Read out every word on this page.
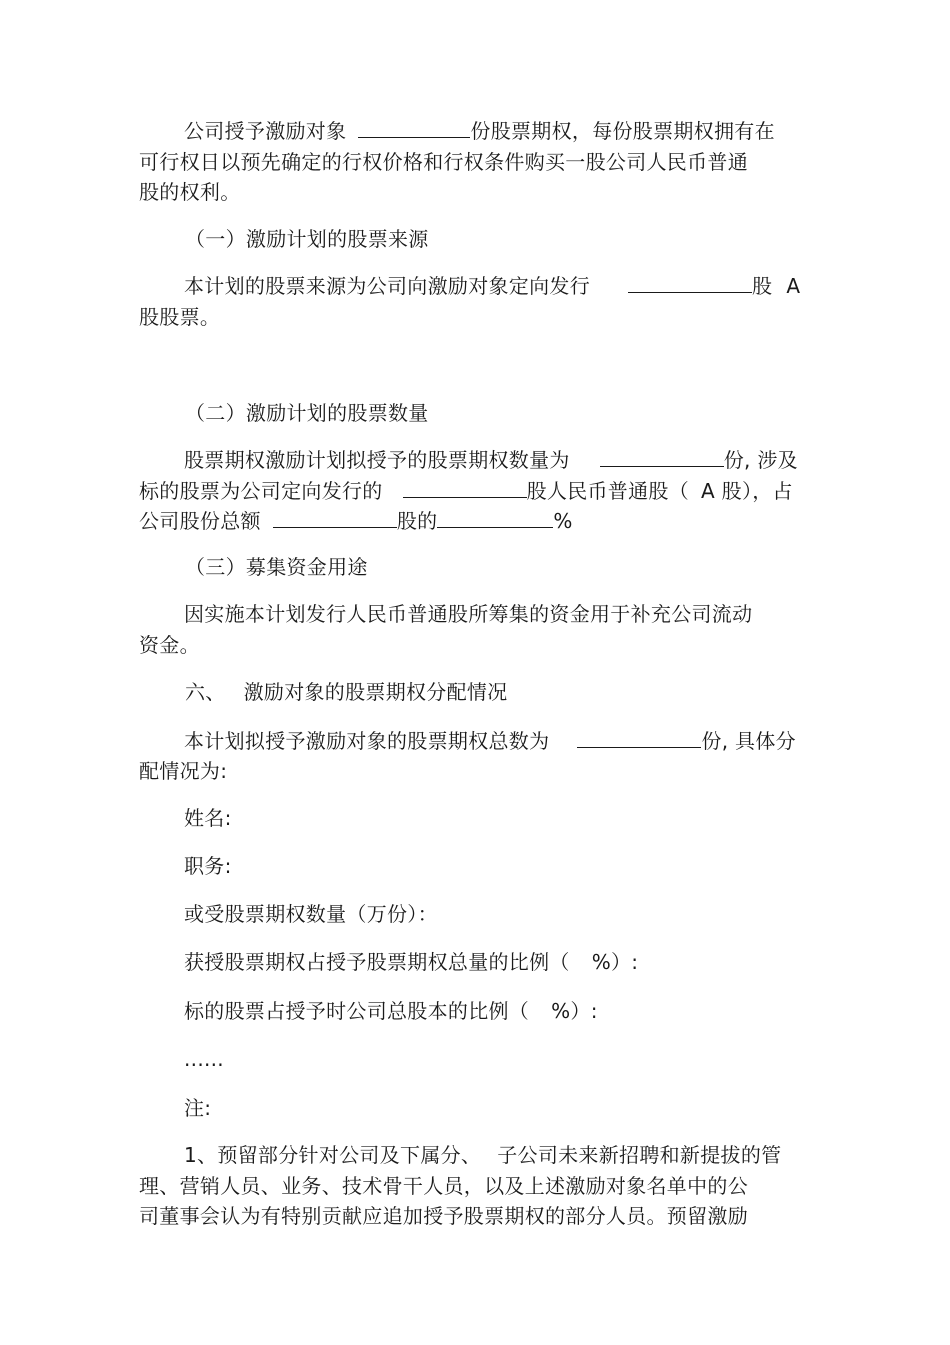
公司授予激励对象	份股票期权，每份股票期权拥有在
可行权日以预先确定的行权价格和行权条件购买一股公司人民币普通
股的权利。
（一）激励计划的股票来源
本计划的股票来源为公司向激励对象定向发行	股 A
股股票。
（二）激励计划的股票数量
股票期权激励计划拟授予的股票期权数量为	份, 涉及
标的股票为公司定向发行的	股人民币普通股（ A 股），占
公司股份总额	股的	%
（三）募集资金用途
因实施本计划发行人民币普通股所筹集的资金用于补充公司流动
资金。
六、 激励对象的股票期权分配情况
本计划拟授予激励对象的股票期权总数为	份, 具体分
配情况为:
姓名:
职务:
或受股票期权数量（万份）：
获授股票期权占授予股票期权总量的比例（ %）:
标的股票占授予时公司总股本的比例（ %）:
......
注:
1、预留部分针对公司及下属分、 子公司未来新招聘和新提拔的管
理、营销人员、业务、技术骨干人员，以及上述激励对象名单中的公
司董事会认为有特别贡献应追加授予股票期权的部分人员。预留激励
